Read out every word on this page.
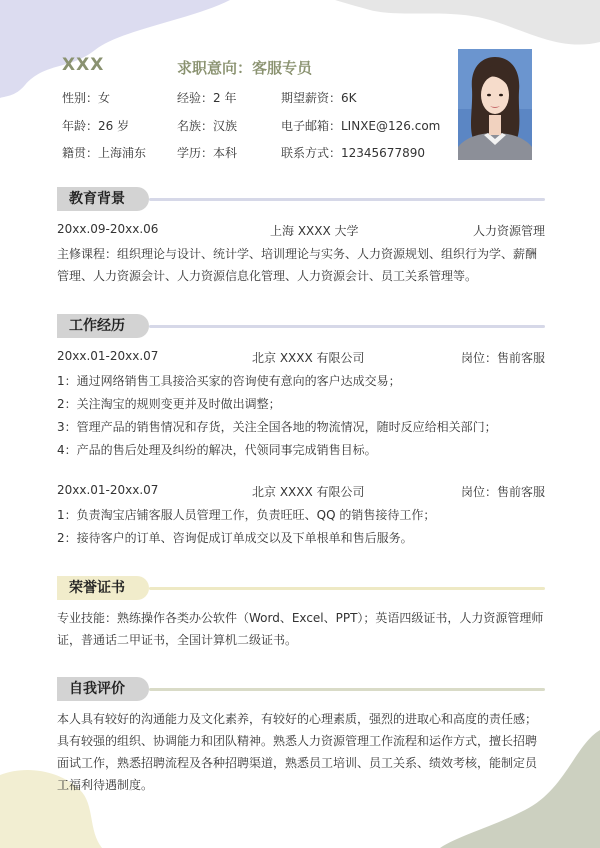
XXX	求职意向：客服专员
性别：女	经验：2 年	期望薪资：6K
年龄：26 岁	名族：汉族	电子邮箱：LINXE@126.com
籍贯：上海浦东	学历：本科	联系方式：12345677890
教育背景
20xx.09-20xx.06	上海 XXXX 大学	人力资源管理
主修课程：组织理论与设计、统计学、培训理论与实务、人力资源规划、组织行为学、薪酬管理、人力资源会计、人力资源信息化管理、人力资源会计、员工关系管理等。
工作经历
20xx.01-20xx.07	北京 XXXX 有限公司	岗位：售前客服
1：通过网络销售工具接洽买家的咨询使有意向的客户达成交易；
2：关注淘宝的规则变更并及时做出调整；
3：管理产品的销售情况和存货，关注全国各地的物流情况，随时反应给相关部门；
4：产品的售后处理及纠纷的解决，代领同事完成销售目标。
20xx.01-20xx.07	北京 XXXX 有限公司	岗位：售前客服
1：负责淘宝店铺客服人员管理工作，负责旺旺、QQ 的销售接待工作；
2：接待客户的订单、咨询促成订单成交以及下单根单和售后服务。
荣誉证书
专业技能：熟练操作各类办公软件（Word、Excel、PPT）；英语四级证书，人力资源管理师证，普通话二甲证书，全国计算机二级证书。
自我评价
本人具有较好的沟通能力及文化素养，有较好的心理素质，强烈的进取心和高度的责任感；具有较强的组织、协调能力和团队精神。熟悉人力资源管理工作流程和运作方式，擅长招聘面试工作，熟悉招聘流程及各种招聘渠道，熟悉员工培训、员工关系、绩效考核，能制定员工福利待遇制度。
